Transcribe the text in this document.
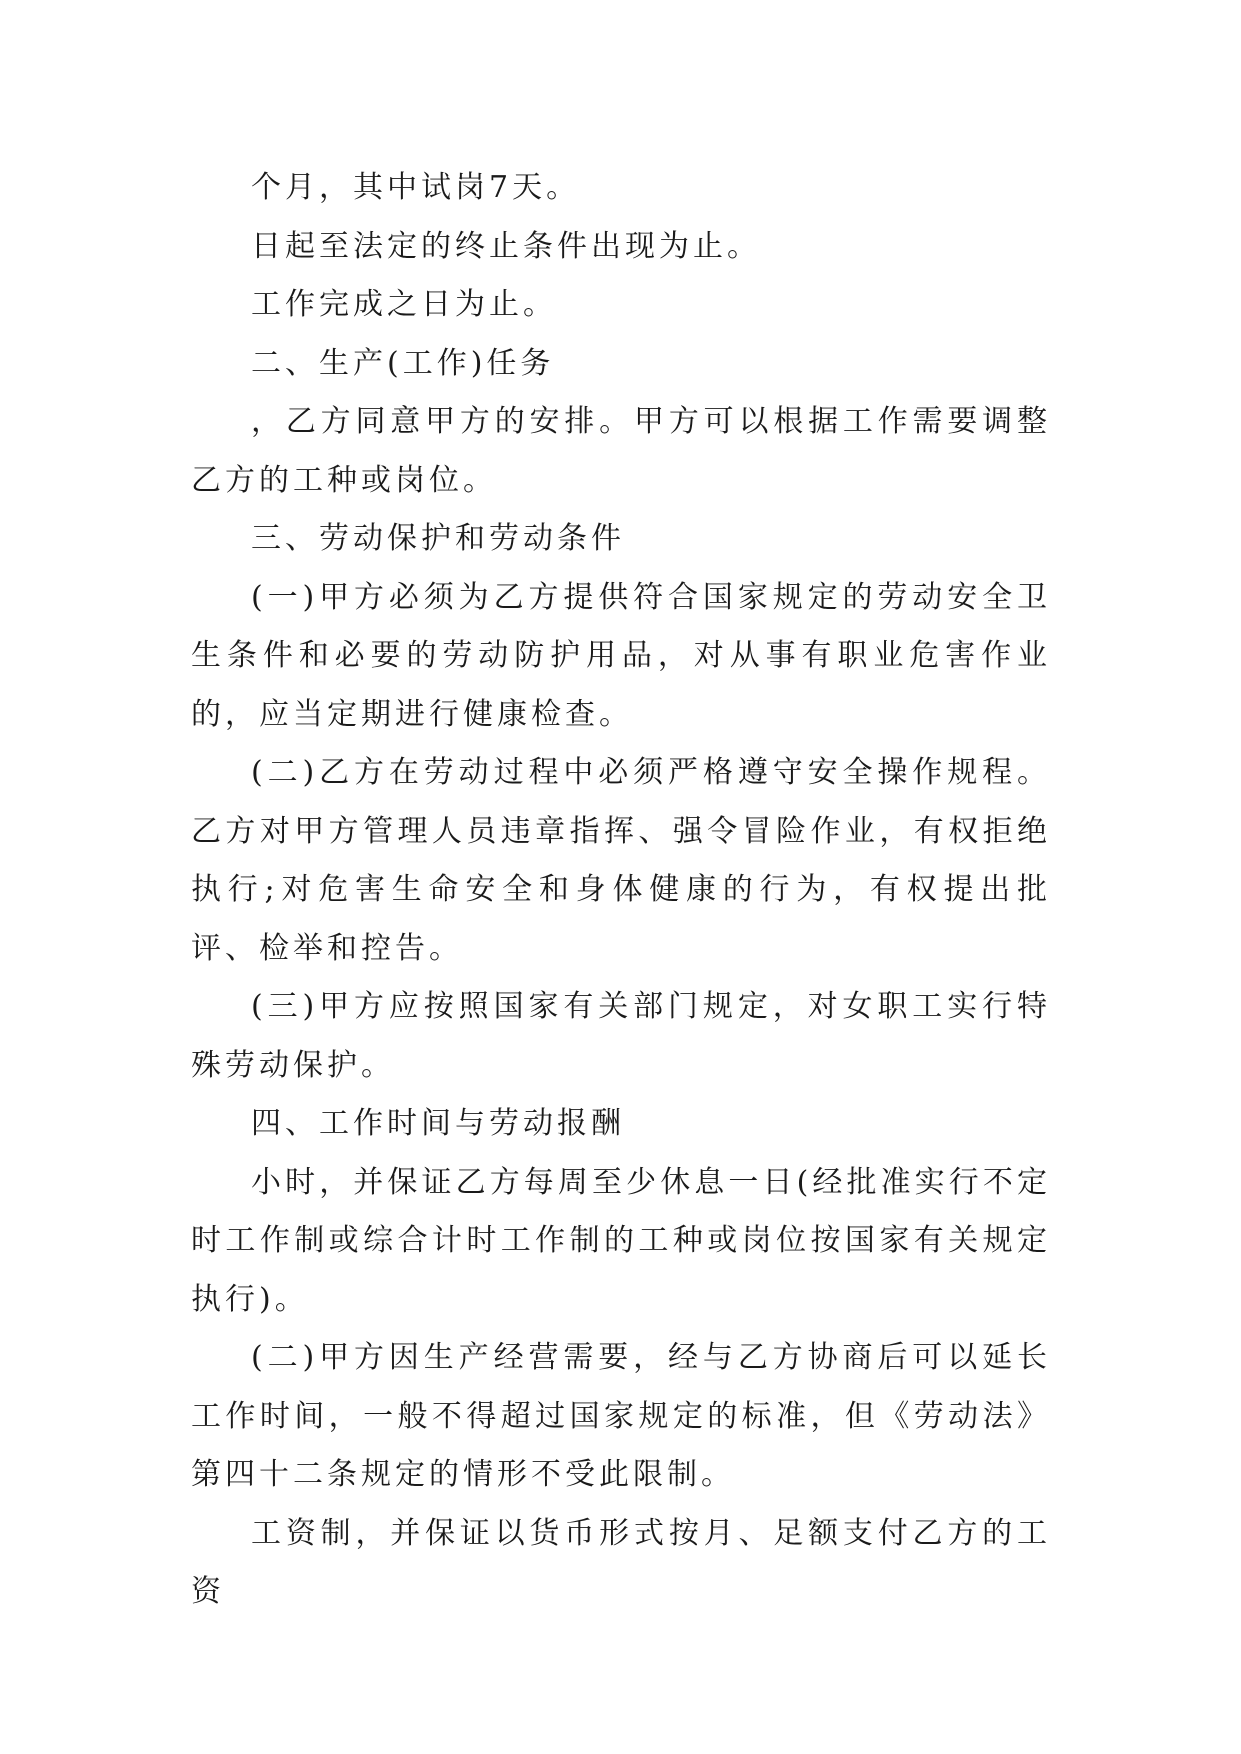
个月，其中试岗7天。

日起至法定的终止条件出现为止。

工作完成之日为止。

二、生产(工作)任务

，乙方同意甲方的安排。甲方可以根据工作需要调整乙方的工种或岗位。

三、劳动保护和劳动条件

(一)甲方必须为乙方提供符合国家规定的劳动安全卫生条件和必要的劳动防护用品，对从事有职业危害作业的，应当定期进行健康检查。

(二)乙方在劳动过程中必须严格遵守安全操作规程。乙方对甲方管理人员违章指挥、强令冒险作业，有权拒绝执行;对危害生命安全和身体健康的行为，有权提出批评、检举和控告。

(三)甲方应按照国家有关部门规定，对女职工实行特殊劳动保护。

四、工作时间与劳动报酬

小时，并保证乙方每周至少休息一日(经批准实行不定时工作制或综合计时工作制的工种或岗位按国家有关规定执行)。

(二)甲方因生产经营需要，经与乙方协商后可以延长工作时间，一般不得超过国家规定的标准，但《劳动法》第四十二条规定的情形不受此限制。

工资制，并保证以货币形式按月、足额支付乙方的工资
